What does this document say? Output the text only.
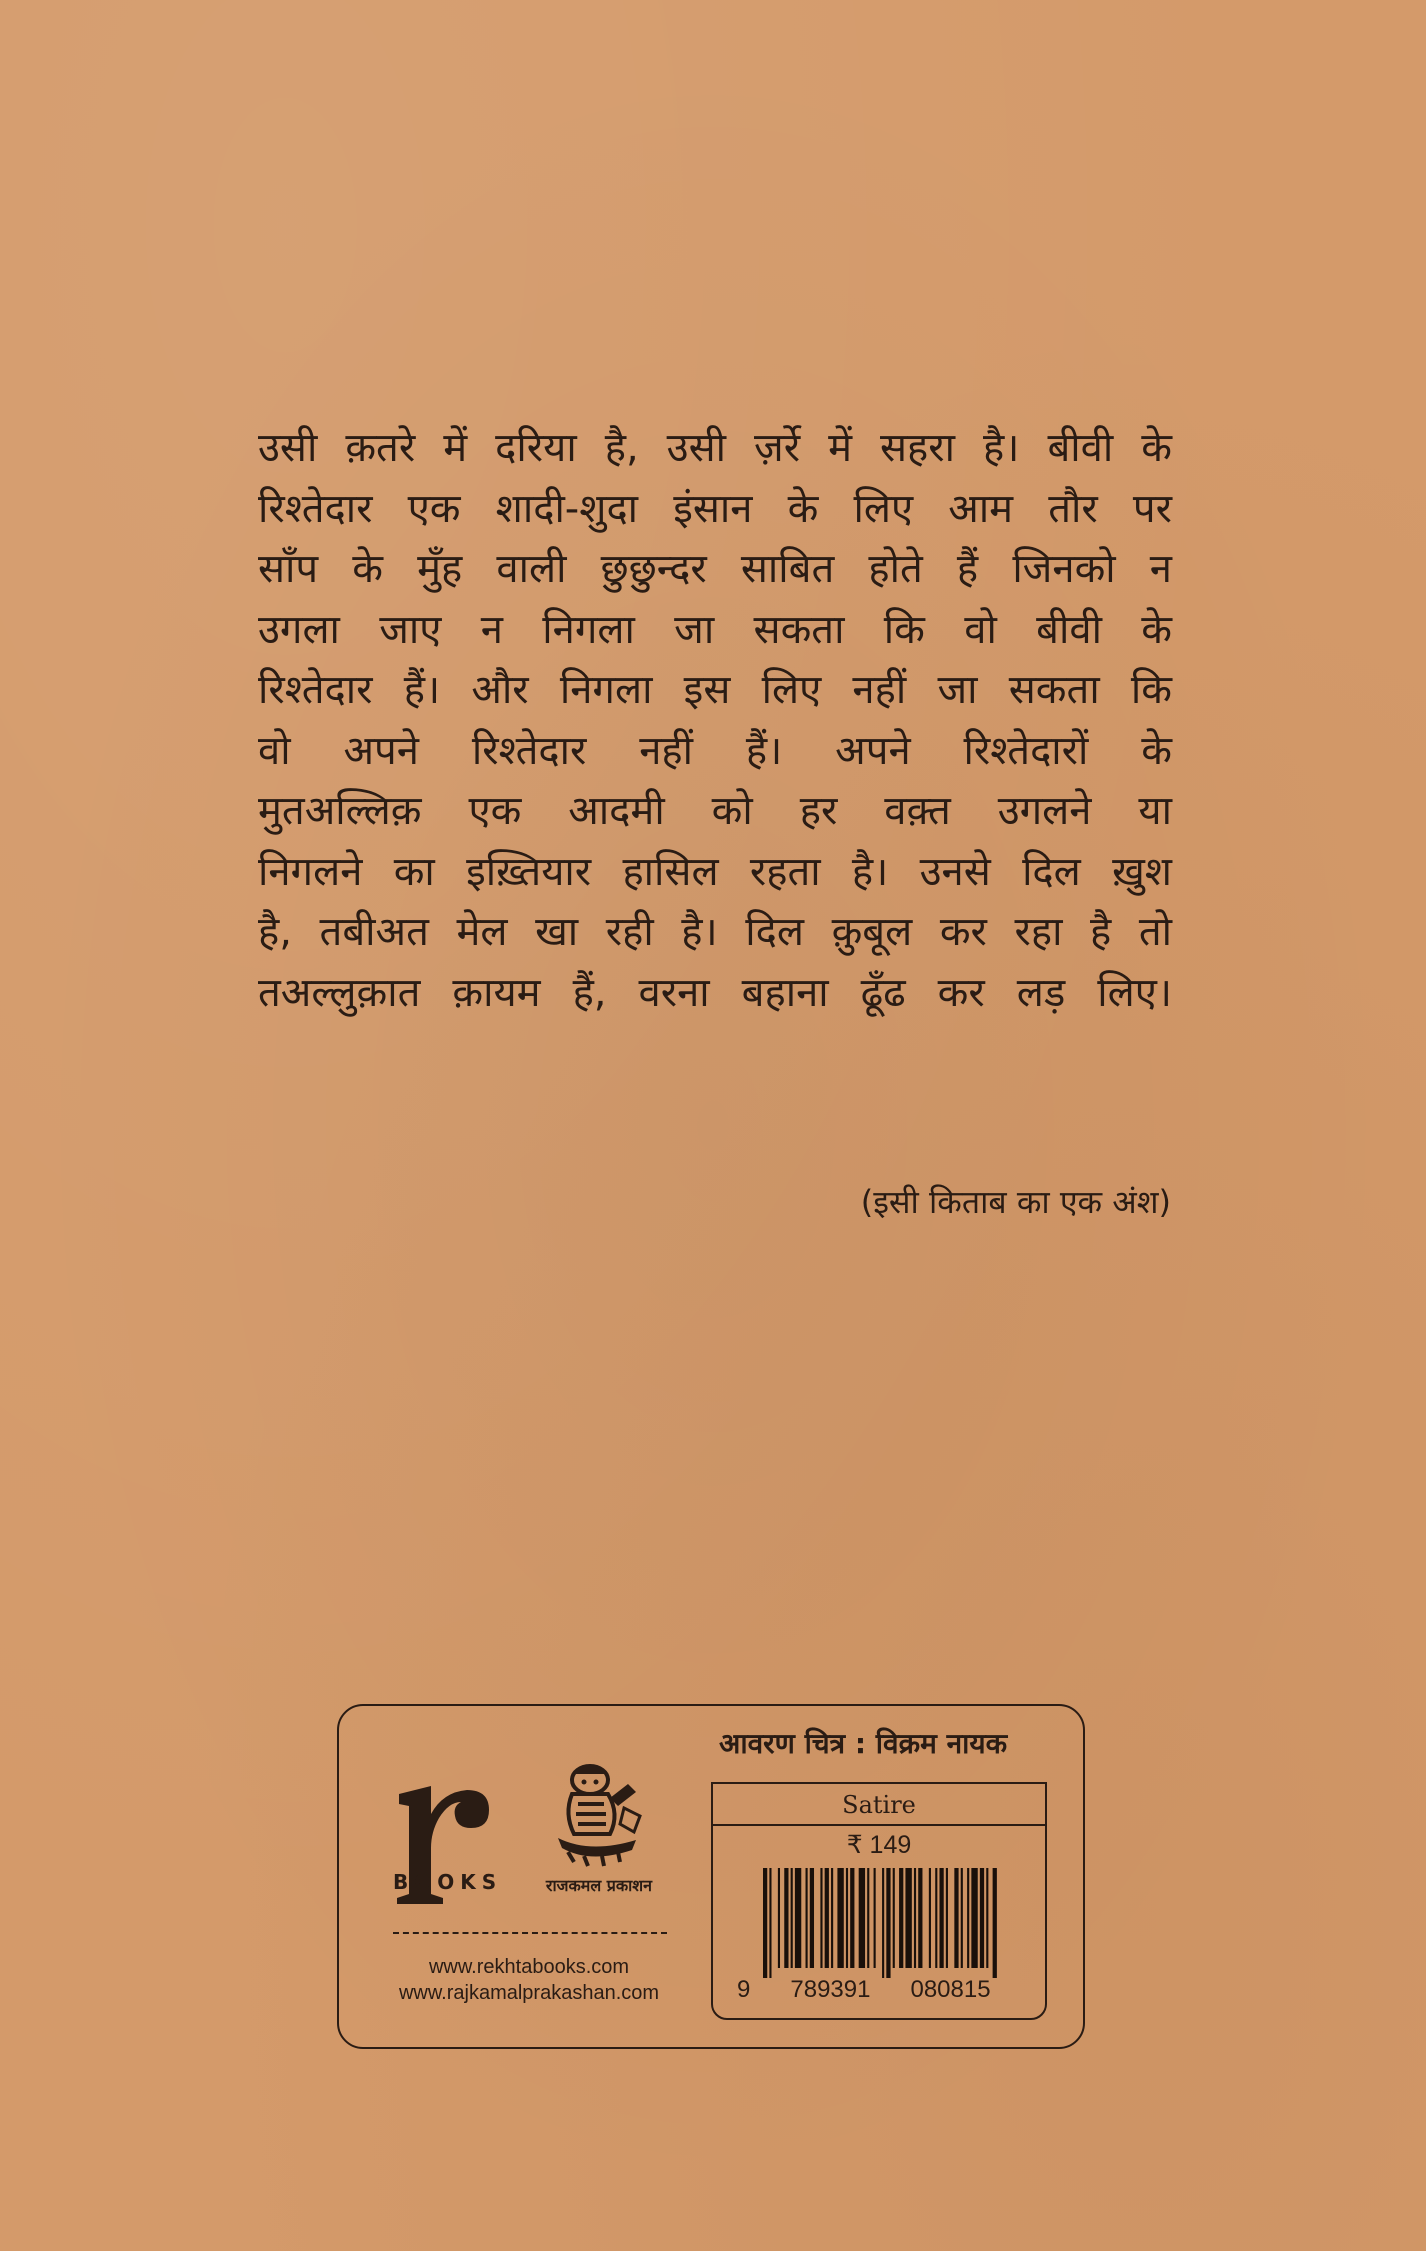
उसी क़तरे में दरिया है, उसी ज़र्रे में सहरा है। बीवी के
रिश्तेदार एक शादी-शुदा इंसान के लिए आम तौर पर
साँप के मुँह वाली छुछुन्दर साबित होते हैं जिनको न
उगला जाए न निगला जा सकता कि वो बीवी के
रिश्तेदार हैं। और निगला इस लिए नहीं जा सकता कि
वो अपने रिश्तेदार नहीं हैं। अपने रिश्तेदारों के
मुतअल्लिक़ एक आदमी को हर वक़्त उगलने या
निगलने का इख़्तियार हासिल रहता है। उनसे दिल ख़ुश
है, तबीअत मेल खा रही है। दिल क़ुबूल कर रहा है तो
तअल्लुक़ात क़ायम हैं, वरना बहाना ढूँढ कर लड़ लिए।
(इसी किताब का एक अंश)
BOOKS	राजकमल प्रकाशन
www.rekhtabooks.com
www.rajkamalprakashan.com
आवरण चित्र : विक्रम नायक
Satire
₹ 149
9 789391 080815
